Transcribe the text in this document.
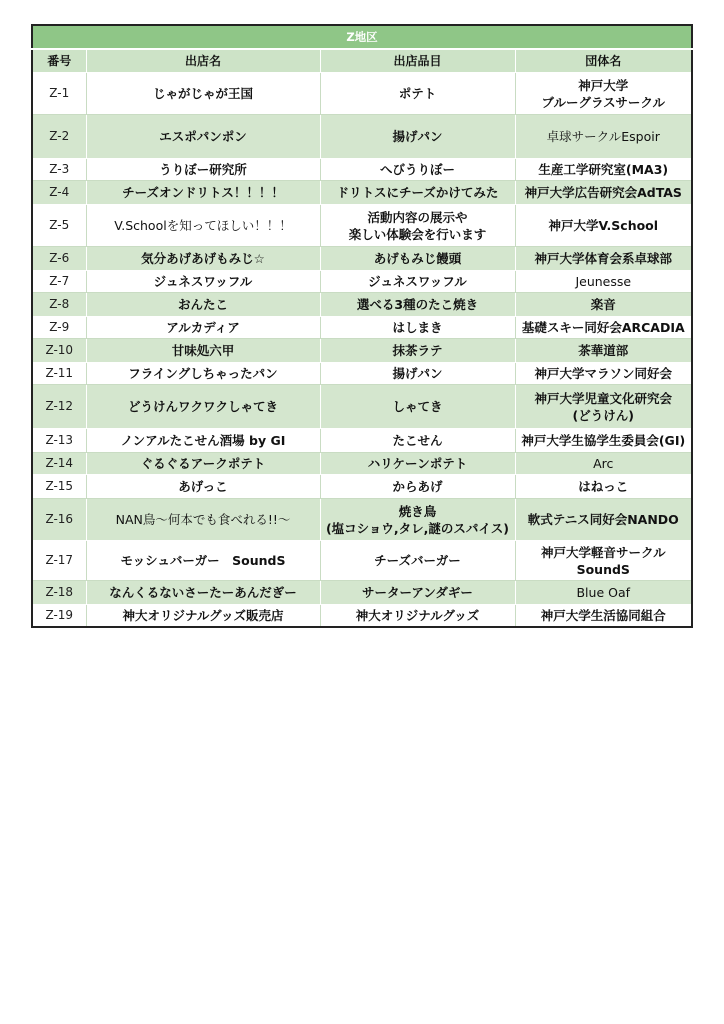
Z地区			
番号	出店名	出店品目	団体名
Z-1	じゃがじゃが王国	ポテト	神戸大学
ブルーグラスサークル
Z-2	エスポパンポン	揚げパン	卓球サークルEspoir
Z-3	うりぼー研究所	へびうりぼー	生産工学研究室(MA3)
Z-4	チーズオンドリトス！！！！	ドリトスにチーズかけてみた	神戸大学広告研究会AdTAS
Z-5	V.Schoolを知ってほしい！！！	活動内容の展示や
楽しい体験会を行います	神戸大学V.School
Z-6	気分あげあげもみじ☆	あげもみじ饅頭	神戸大学体育会系卓球部
Z-7	ジュネスワッフル	ジュネスワッフル	Jeunesse
Z-8	おんたこ	選べる3種のたこ焼き	楽音
Z-9	アルカディア	はしまき	基礎スキー同好会ARCADIA
Z-10	甘味処六甲	抹茶ラテ	茶華道部
Z-11	フライングしちゃったパン	揚げパン	神戸大学マラソン同好会
Z-12	どうけんワクワクしゃてき	しゃてき	神戸大学児童文化研究会
(どうけん)
Z-13	ノンアルたこせん酒場 by GI	たこせん	神戸大学生協学生委員会(GI)
Z-14	ぐるぐるアークポテト	ハリケーンポテト	Arc
Z-15	あげっこ	からあげ	はねっこ
Z-16	NAN鳥～何本でも食べれる!!～	焼き鳥
(塩コショウ,タレ,謎のスパイス)	軟式テニス同好会NANDO
Z-17	モッシュバーガー　SoundS	チーズバーガー	神戸大学軽音サークル
SoundS
Z-18	なんくるないさーたーあんだぎー	サーターアンダギー	Blue Oaf
Z-19	神大オリジナルグッズ販売店	神大オリジナルグッズ	神戸大学生活協同組合
